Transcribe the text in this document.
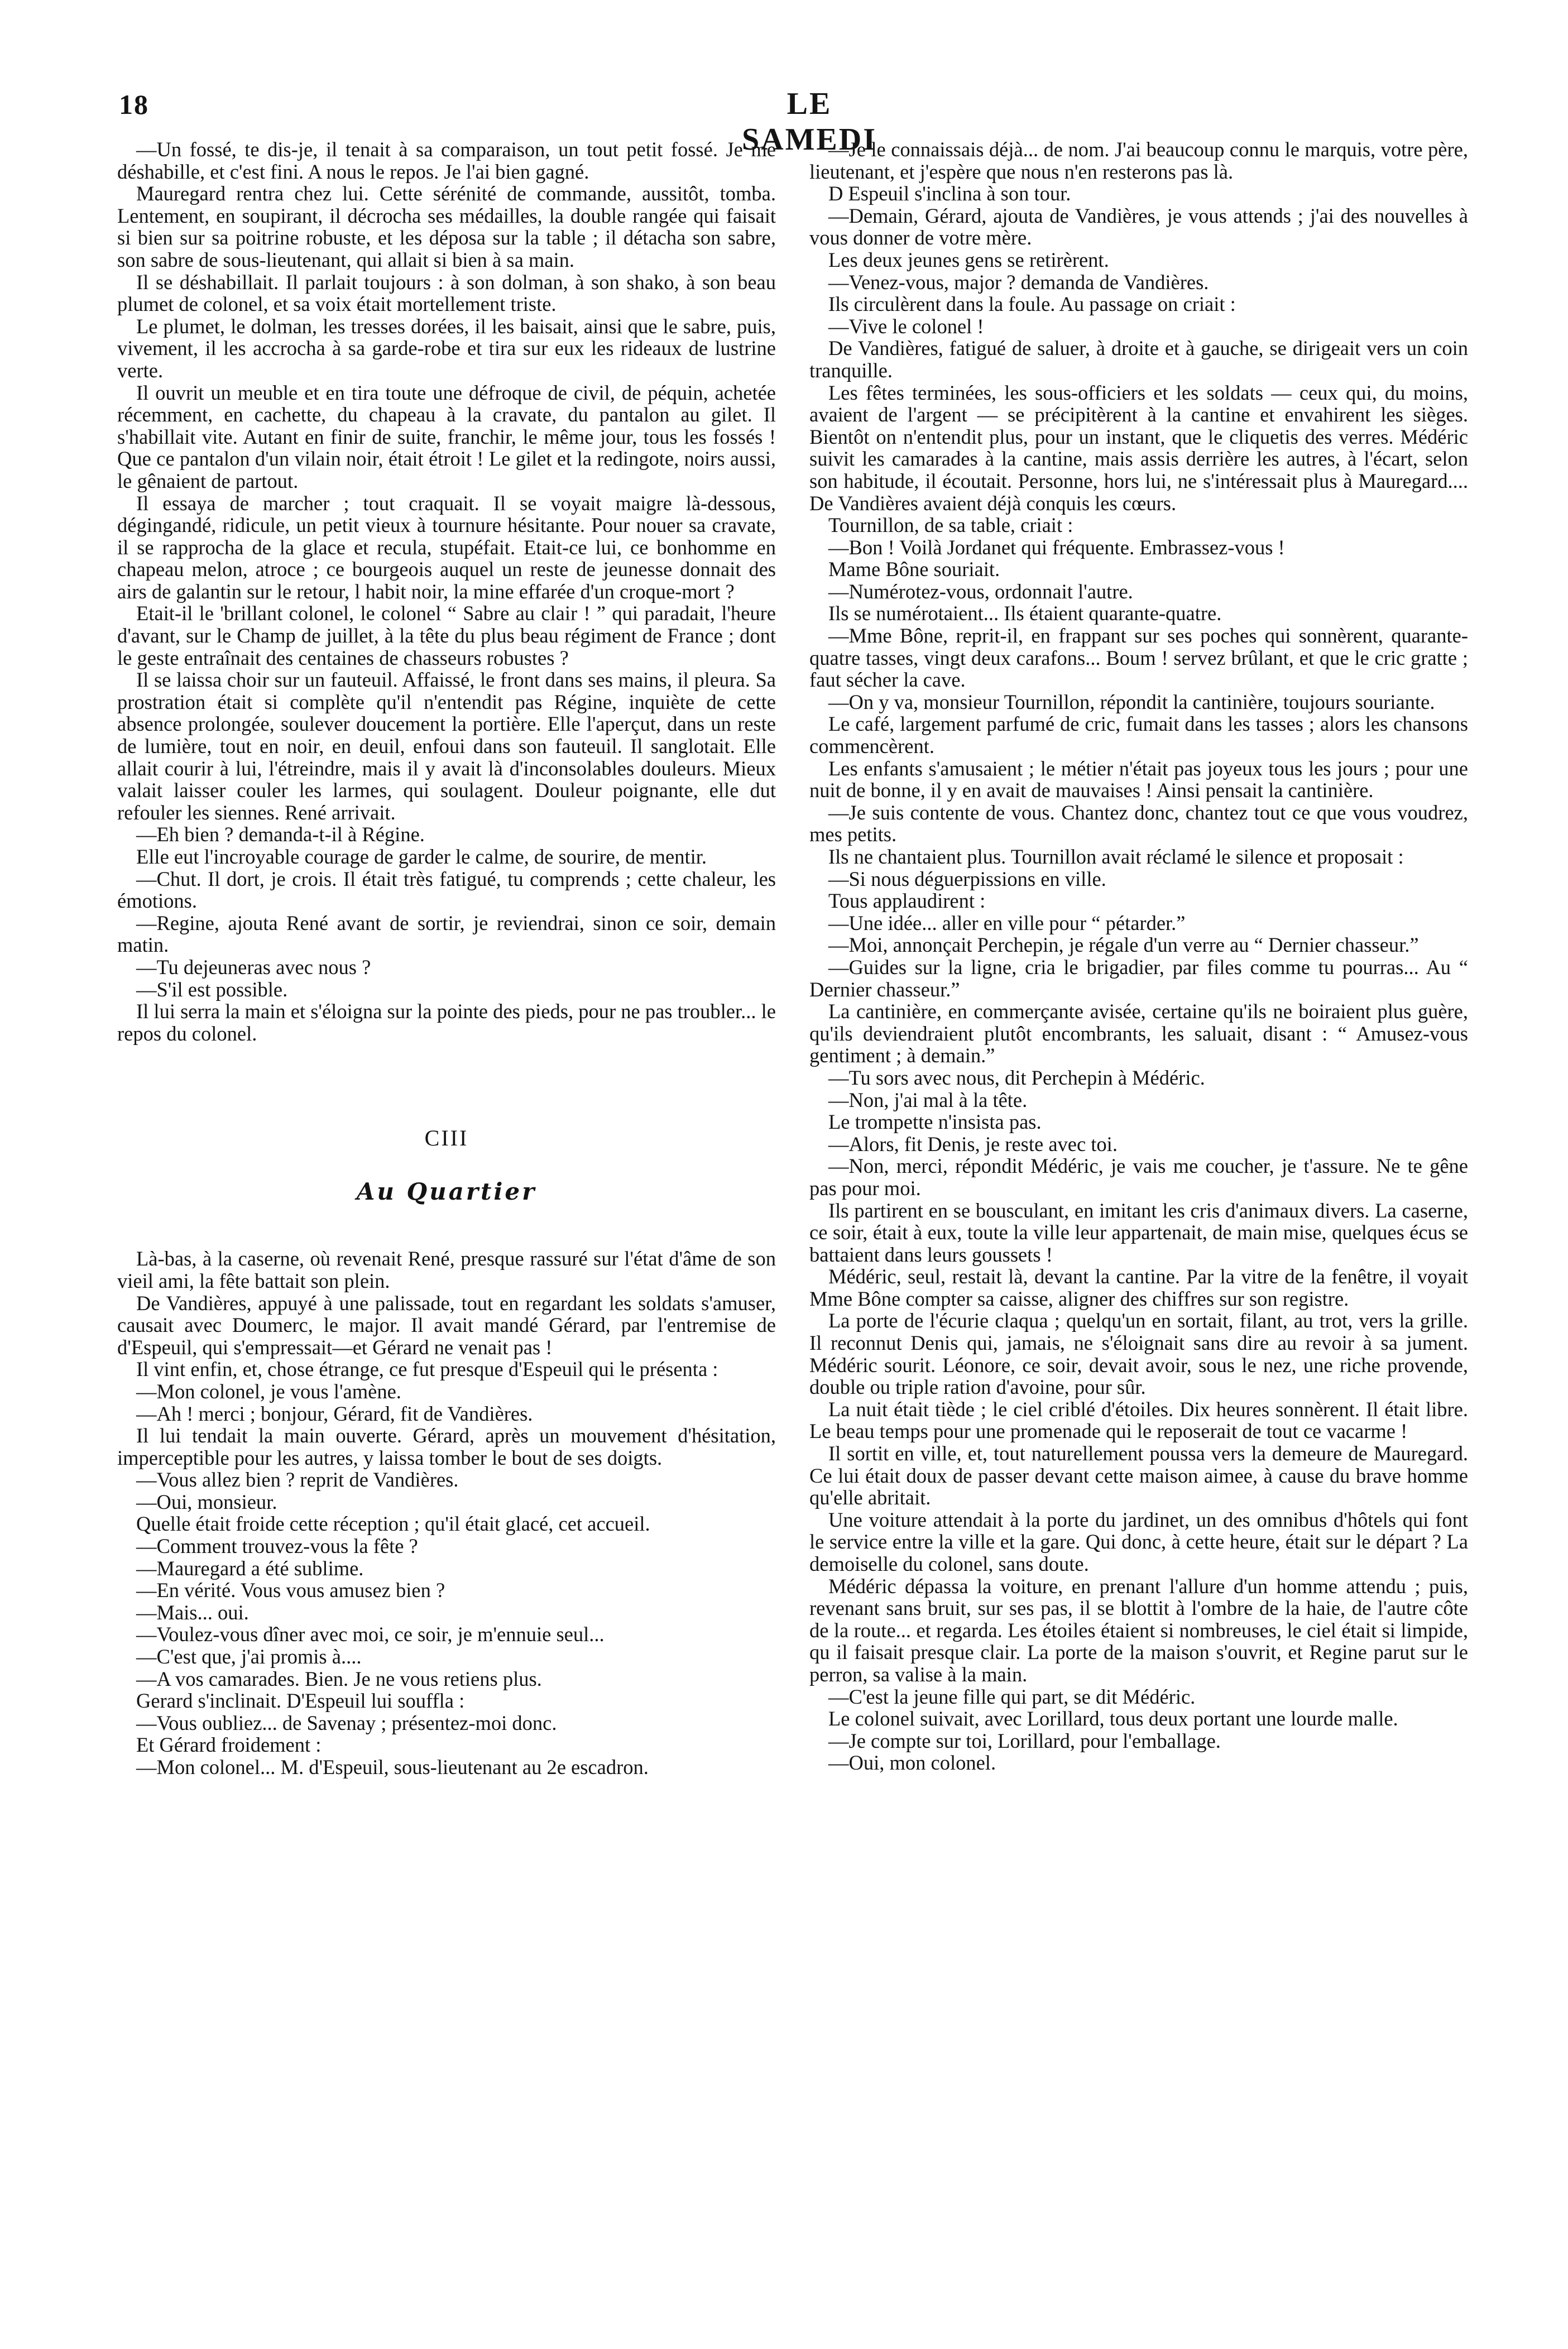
18	LE SAMEDI

—Un fossé, te dis-je, il tenait à sa comparaison, un tout petit fossé. Je me déshabille, et c'est fini. A nous le repos. Je l'ai bien gagné.

Mauregard rentra chez lui. Cette sérénité de commande, aussitôt, tomba. Lentement, en soupirant, il décrocha ses médailles, la double rangée qui faisait si bien sur sa poitrine robuste, et les déposa sur la table ; il détacha son sabre, son sabre de sous-lieutenant, qui allait si bien à sa main.

Il se déshabillait. Il parlait toujours : à son dolman, à son shako, à son beau plumet de colonel, et sa voix était mortellement triste.

Le plumet, le dolman, les tresses dorées, il les baisait, ainsi que le sabre, puis, vivement, il les accrocha à sa garde-robe et tira sur eux les rideaux de lustrine verte.

Il ouvrit un meuble et en tira toute une défroque de civil, de péquin, achetée récemment, en cachette, du chapeau à la cravate, du pantalon au gilet. Il s'habillait vite. Autant en finir de suite, franchir, le même jour, tous les fossés ! Que ce pantalon d'un vilain noir, était étroit ! Le gilet et la redingote, noirs aussi, le gênaient de partout.

Il essaya de marcher ; tout craquait. Il se voyait maigre là-dessous, dégingandé, ridicule, un petit vieux à tournure hésitante. Pour nouer sa cravate, il se rapprocha de la glace et recula, stupéfait. Etait-ce lui, ce bonhomme en chapeau melon, atroce ; ce bourgeois auquel un reste de jeunesse donnait des airs de galantin sur le retour, l habit noir, la mine effarée d'un croque-mort ?

Etait-il le 'brillant colonel, le colonel “ Sabre au clair ! ” qui paradait, l'heure d'avant, sur le Champ de juillet, à la tête du plus beau régiment de France ; dont le geste entraînait des centaines de chasseurs robustes ?

Il se laissa choir sur un fauteuil. Affaissé, le front dans ses mains, il pleura. Sa prostration était si complète qu'il n'entendit pas Régine, inquiète de cette absence prolongée, soulever doucement la portière. Elle l'aperçut, dans un reste de lumière, tout en noir, en deuil, enfoui dans son fauteuil. Il sanglotait. Elle allait courir à lui, l'étreindre, mais il y avait là d'inconsolables douleurs. Mieux valait laisser couler les larmes, qui soulagent. Douleur poignante, elle dut refouler les siennes. René arrivait.

—Eh bien ? demanda-t-il à Régine.

Elle eut l'incroyable courage de garder le calme, de sourire, de mentir.

—Chut. Il dort, je crois. Il était très fatigué, tu comprends ; cette chaleur, les émotions.

—Regine, ajouta René avant de sortir, je reviendrai, sinon ce soir, demain matin.

—Tu dejeuneras avec nous ?

—S'il est possible.

Il lui serra la main et s'éloigna sur la pointe des pieds, pour ne pas troubler... le repos du colonel.

CIII
Au Quartier

Là-bas, à la caserne, où revenait René, presque rassuré sur l'état d'âme de son vieil ami, la fête battait son plein.

De Vandières, appuyé à une palissade, tout en regardant les soldats s'amuser, causait avec Doumerc, le major. Il avait mandé Gérard, par l'entremise de d'Espeuil, qui s'empressait—et Gérard ne venait pas !

Il vint enfin, et, chose étrange, ce fut presque d'Espeuil qui le présenta :

—Mon colonel, je vous l'amène.

—Ah ! merci ; bonjour, Gérard, fit de Vandières.

Il lui tendait la main ouverte. Gérard, après un mouvement d'hésitation, imperceptible pour les autres, y laissa tomber le bout de ses doigts.

—Vous allez bien ? reprit de Vandières.

—Oui, monsieur.

Quelle était froide cette réception ; qu'il était glacé, cet accueil.

—Comment trouvez-vous la fête ?

—Mauregard a été sublime.

—En vérité. Vous vous amusez bien ?

—Mais... oui.

—Voulez-vous dîner avec moi, ce soir, je m'ennuie seul...

—C'est que, j'ai promis à....

—A vos camarades. Bien. Je ne vous retiens plus.

Gerard s'inclinait. D'Espeuil lui souffla :

—Vous oubliez... de Savenay ; présentez-moi donc.

Et Gérard froidement :

—Mon colonel... M. d'Espeuil, sous-lieutenant au 2e escadron.

—Je le connaissais déjà... de nom. J'ai beaucoup connu le marquis, votre père, lieutenant, et j'espère que nous n'en resterons pas là.

D Espeuil s'inclina à son tour.

—Demain, Gérard, ajouta de Vandières, je vous attends ; j'ai des nouvelles à vous donner de votre mère.

Les deux jeunes gens se retirèrent.

—Venez-vous, major ? demanda de Vandières.

Ils circulèrent dans la foule. Au passage on criait :

—Vive le colonel !

De Vandières, fatigué de saluer, à droite et à gauche, se dirigeait vers un coin tranquille.

Les fêtes terminées, les sous-officiers et les soldats — ceux qui, du moins, avaient de l'argent — se précipitèrent à la cantine et envahirent les sièges. Bientôt on n'entendit plus, pour un instant, que le cliquetis des verres. Médéric suivit les camarades à la cantine, mais assis derrière les autres, à l'écart, selon son habitude, il écoutait. Personne, hors lui, ne s'intéressait plus à Mauregard.... De Vandières avaient déjà conquis les cœurs.

Tournillon, de sa table, criait :

—Bon ! Voilà Jordanet qui fréquente. Embrassez-vous !

Mame Bône souriait.

—Numérotez-vous, ordonnait l'autre.

Ils se numérotaient... Ils étaient quarante-quatre.

—Mme Bône, reprit-il, en frappant sur ses poches qui sonnèrent, quarante-quatre tasses, vingt deux carafons... Boum ! servez brûlant, et que le cric gratte ; faut sécher la cave.

—On y va, monsieur Tournillon, répondit la cantinière, toujours souriante.

Le café, largement parfumé de cric, fumait dans les tasses ; alors les chansons commencèrent.

Les enfants s'amusaient ; le métier n'était pas joyeux tous les jours ; pour une nuit de bonne, il y en avait de mauvaises ! Ainsi pensait la cantinière.

—Je suis contente de vous. Chantez donc, chantez tout ce que vous voudrez, mes petits.

Ils ne chantaient plus. Tournillon avait réclamé le silence et proposait :

—Si nous déguerpissions en ville.

Tous applaudirent :

—Une idée... aller en ville pour “ pétarder.”

—Moi, annonçait Perchepin, je régale d'un verre au “ Dernier chasseur.”

—Guides sur la ligne, cria le brigadier, par files comme tu pourras... Au “ Dernier chasseur.”

La cantinière, en commerçante avisée, certaine qu'ils ne boiraient plus guère, qu'ils deviendraient plutôt encombrants, les saluait, disant : “ Amusez-vous gentiment ; à demain.”

—Tu sors avec nous, dit Perchepin à Médéric.

—Non, j'ai mal à la tête.

Le trompette n'insista pas.

—Alors, fit Denis, je reste avec toi.

—Non, merci, répondit Médéric, je vais me coucher, je t'assure. Ne te gêne pas pour moi.

Ils partirent en se bousculant, en imitant les cris d'animaux divers. La caserne, ce soir, était à eux, toute la ville leur appartenait, de main mise, quelques écus se battaient dans leurs goussets !

Médéric, seul, restait là, devant la cantine. Par la vitre de la fenêtre, il voyait Mme Bône compter sa caisse, aligner des chiffres sur son registre.

La porte de l'écurie claqua ; quelqu'un en sortait, filant, au trot, vers la grille. Il reconnut Denis qui, jamais, ne s'éloignait sans dire au revoir à sa jument. Médéric sourit. Léonore, ce soir, devait avoir, sous le nez, une riche provende, double ou triple ration d'avoine, pour sûr.

La nuit était tiède ; le ciel criblé d'étoiles. Dix heures sonnèrent. Il était libre. Le beau temps pour une promenade qui le reposerait de tout ce vacarme !

Il sortit en ville, et, tout naturellement poussa vers la demeure de Mauregard. Ce lui était doux de passer devant cette maison aimee, à cause du brave homme qu'elle abritait.

Une voiture attendait à la porte du jardinet, un des omnibus d'hôtels qui font le service entre la ville et la gare. Qui donc, à cette heure, était sur le départ ? La demoiselle du colonel, sans doute.

Médéric dépassa la voiture, en prenant l'allure d'un homme attendu ; puis, revenant sans bruit, sur ses pas, il se blottit à l'ombre de la haie, de l'autre côte de la route... et regarda. Les étoiles étaient si nombreuses, le ciel était si limpide, qu il faisait presque clair. La porte de la maison s'ouvrit, et Regine parut sur le perron, sa valise à la main.

—C'est la jeune fille qui part, se dit Médéric.

Le colonel suivait, avec Lorillard, tous deux portant une lourde malle.

—Je compte sur toi, Lorillard, pour l'emballage.

—Oui, mon colonel.
